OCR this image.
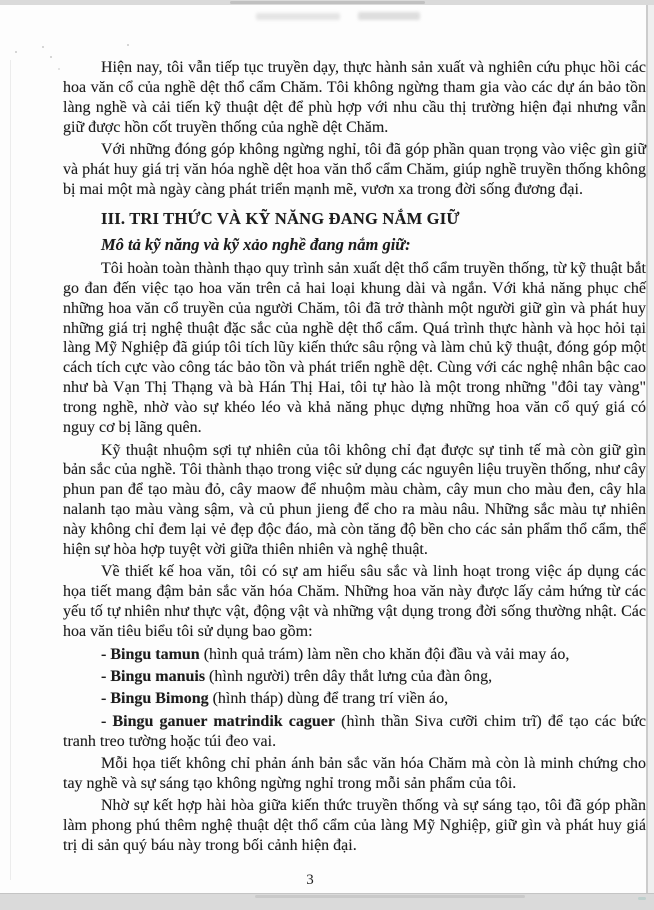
Hiện nay, tôi vẫn tiếp tục truyền dạy, thực hành sản xuất và nghiên cứu phục hồi các hoa văn cổ của nghề dệt thổ cẩm Chăm. Tôi không ngừng tham gia vào các dự án bảo tồn làng nghề và cải tiến kỹ thuật dệt để phù hợp với nhu cầu thị trường hiện đại nhưng vẫn giữ được hồn cốt truyền thống của nghề dệt Chăm.

Với những đóng góp không ngừng nghỉ, tôi đã góp phần quan trọng vào việc gìn giữ và phát huy giá trị văn hóa nghề dệt hoa văn thổ cẩm Chăm, giúp nghề truyền thống không bị mai một mà ngày càng phát triển mạnh mẽ, vươn xa trong đời sống đương đại.

III. TRI THỨC VÀ KỸ NĂNG ĐANG NẮM GIỮ
Mô tả kỹ năng và kỹ xảo nghề đang nắm giữ:

Tôi hoàn toàn thành thạo quy trình sản xuất dệt thổ cẩm truyền thống, từ kỹ thuật bắt go đan đến việc tạo hoa văn trên cả hai loại khung dài và ngắn. Với khả năng phục chế những hoa văn cổ truyền của người Chăm, tôi đã trở thành một người giữ gìn và phát huy những giá trị nghệ thuật đặc sắc của nghề dệt thổ cẩm. Quá trình thực hành và học hỏi tại làng Mỹ Nghiệp đã giúp tôi tích lũy kiến thức sâu rộng và làm chủ kỹ thuật, đóng góp một cách tích cực vào công tác bảo tồn và phát triển nghề dệt. Cùng với các nghệ nhân bậc cao như bà Vạn Thị Thạng và bà Hán Thị Hai, tôi tự hào là một trong những "đôi tay vàng" trong nghề, nhờ vào sự khéo léo và khả năng phục dựng những hoa văn cổ quý giá có nguy cơ bị lãng quên.

Kỹ thuật nhuộm sợi tự nhiên của tôi không chỉ đạt được sự tinh tế mà còn giữ gìn bản sắc của nghề. Tôi thành thạo trong việc sử dụng các nguyên liệu truyền thống, như cây phun pan để tạo màu đỏ, cây maow để nhuộm màu chàm, cây mun cho màu đen, cây hla nalanh tạo màu vàng sậm, và củ phun jieng để cho ra màu nâu. Những sắc màu tự nhiên này không chỉ đem lại vẻ đẹp độc đáo, mà còn tăng độ bền cho các sản phẩm thổ cẩm, thể hiện sự hòa hợp tuyệt vời giữa thiên nhiên và nghệ thuật.

Về thiết kế hoa văn, tôi có sự am hiểu sâu sắc và linh hoạt trong việc áp dụng các họa tiết mang đậm bản sắc văn hóa Chăm. Những hoa văn này được lấy cảm hứng từ các yếu tố tự nhiên như thực vật, động vật và những vật dụng trong đời sống thường nhật. Các hoa văn tiêu biểu tôi sử dụng bao gồm:

- Bingu tamun (hình quả trám) làm nền cho khăn đội đầu và vải may áo,

- Bingu manuis (hình người) trên dây thắt lưng của đàn ông,

- Bingu Bimong (hình tháp) dùng để trang trí viền áo,

- Bingu ganuer matrindik caguer (hình thần Siva cưỡi chim trĩ) để tạo các bức tranh treo tường hoặc túi đeo vai.

Mỗi họa tiết không chỉ phản ánh bản sắc văn hóa Chăm mà còn là minh chứng cho tay nghề và sự sáng tạo không ngừng nghỉ trong mỗi sản phẩm của tôi.

Nhờ sự kết hợp hài hòa giữa kiến thức truyền thống và sự sáng tạo, tôi đã góp phần làm phong phú thêm nghệ thuật dệt thổ cẩm của làng Mỹ Nghiệp, giữ gìn và phát huy giá trị di sản quý báu này trong bối cảnh hiện đại.

3
